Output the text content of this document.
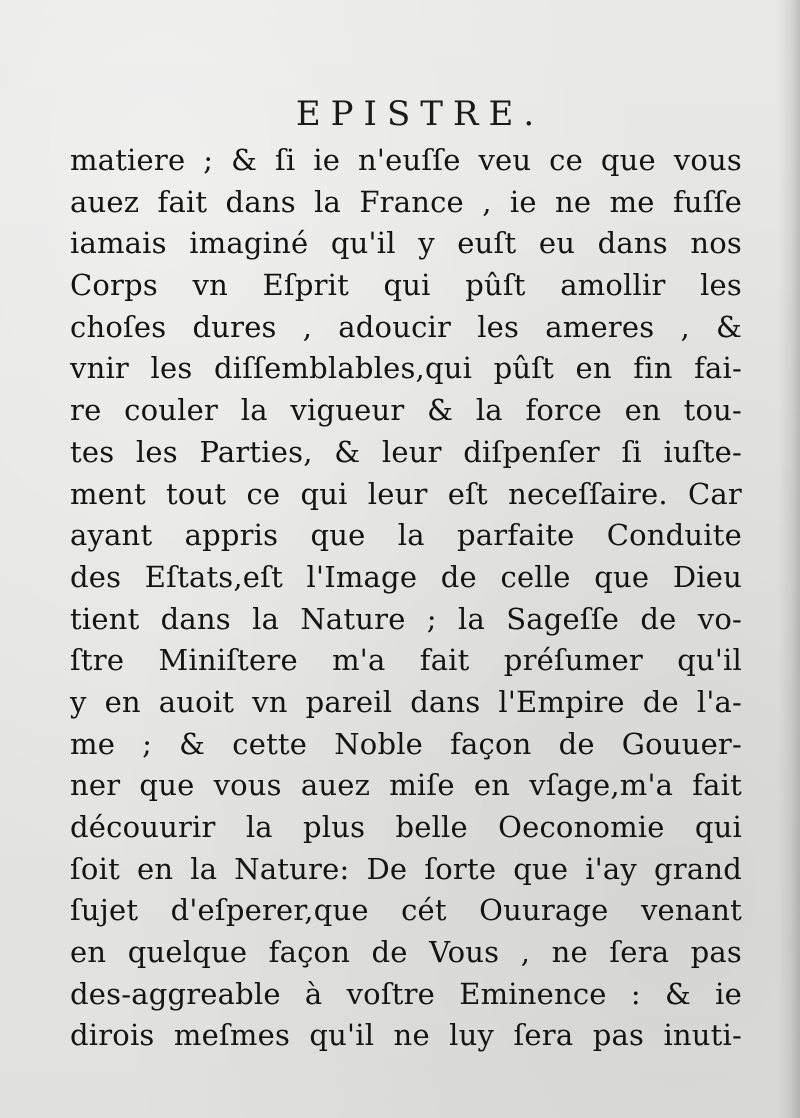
EPISTRE.
matiere ; & ſi ie n'euſſe veu ce que vous
auez fait dans la France , ie ne me fuſſe
iamais imaginé qu'il y euſt eu dans nos
Corps vn Eſprit qui pûſt amollir les
choſes dures , adoucir les ameres , &
vnir les diſſemblables,qui pûſt en fin fai-
re couler la vigueur & la force en tou-
tes les Parties, & leur diſpenſer ſi iuſte-
ment tout ce qui leur eſt neceſſaire. Car
ayant appris que la parfaite Conduite
des Eſtats,eſt l'Image de celle que Dieu
tient dans la Nature ; la Sageſſe de vo-
ſtre Miniſtere m'a fait préſumer qu'il
y en auoit vn pareil dans l'Empire de l'a-
me ; & cette Noble façon de Gouuer-
ner que vous auez miſe en vſage,m'a fait
découurir la plus belle Oeconomie qui
ſoit en la Nature: De ſorte que i'ay grand
ſujet d'eſperer,que cét Ouurage venant
en quelque façon de Vous , ne ſera pas
des-aggreable à voſtre Eminence : & ie
dirois meſmes qu'il ne luy ſera pas inuti-
